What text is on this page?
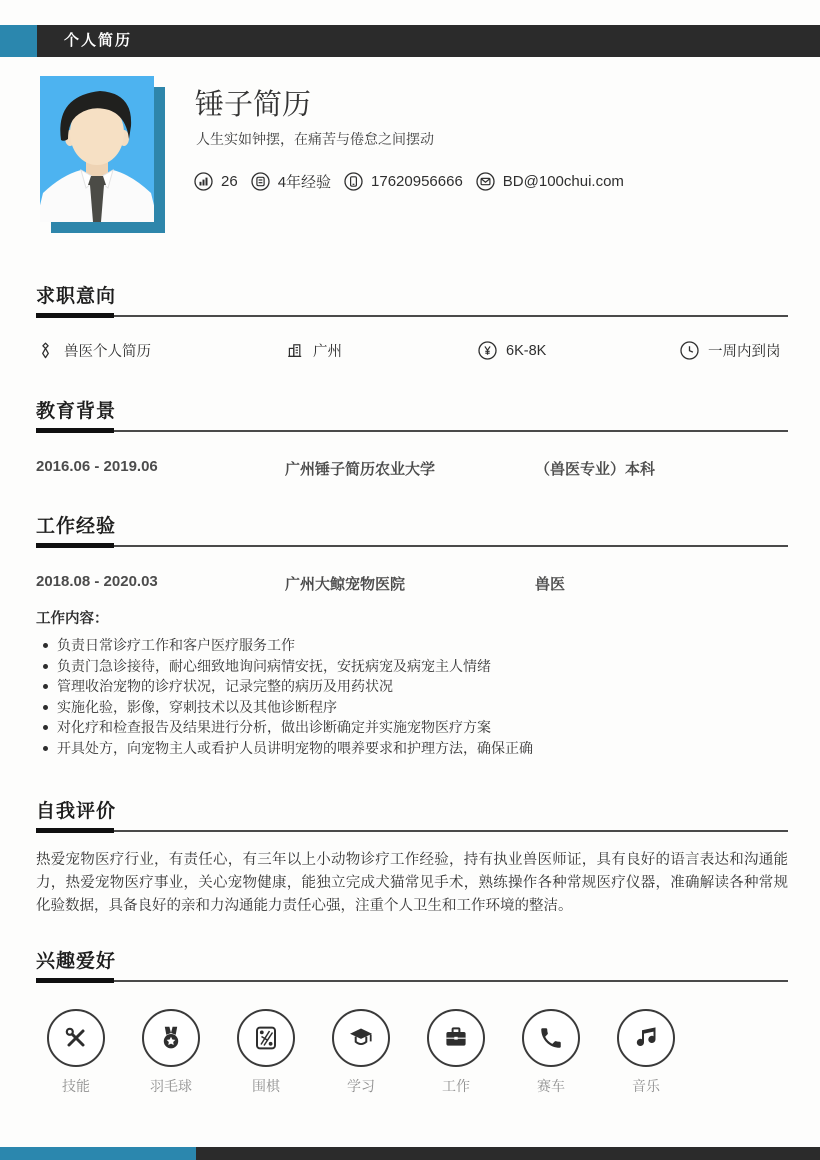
个人简历
锤子简历
人生实如钟摆，在痛苦与倦怠之间摆动
26	4年经验	17620956666	BD@100chui.com
求职意向
兽医个人简历	广州	6K-8K	一周内到岗
教育背景
2016.06 - 2019.06	广州锤子简历农业大学	（兽医专业）本科
工作经验
2018.08 - 2020.03	广州大鲸宠物医院	兽医
工作内容：
负责日常诊疗工作和客户医疗服务工作
负责门急诊接待，耐心细致地询问病情安抚，安抚病宠及病宠主人情绪
管理收治宠物的诊疗状况，记录完整的病历及用药状况
实施化验，影像，穿刺技术以及其他诊断程序
对化疗和检查报告及结果进行分析，做出诊断确定并实施宠物医疗方案
开具处方，向宠物主人或看护人员讲明宠物的喂养要求和护理方法，确保正确
自我评价

热爱宠物医疗行业，有责任心，有三年以上小动物诊疗工作经验，持有执业兽医师证，具有良好的语言表达和沟通能力，热爱宠物医疗事业，关心宠物健康，能独立完成犬猫常见手术，熟练操作各种常规医疗仪器，准确解读各种常规化验数据，具备良好的亲和力沟通能力责任心强，注重个人卫生和工作环境的整洁。

兴趣爱好
技能	羽毛球	围棋	学习	工作	赛车	音乐
